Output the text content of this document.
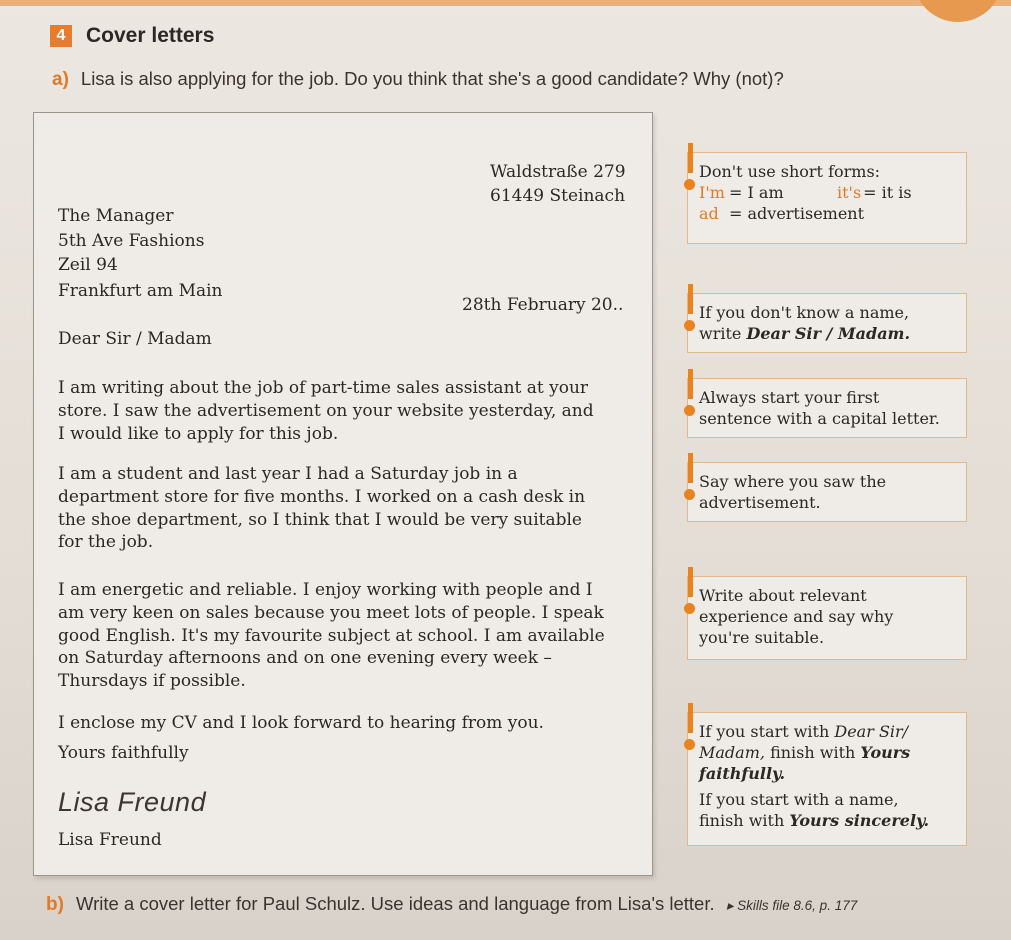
4 Cover letters
a) Lisa is also applying for the job. Do you think that she's a good candidate? Why (not)?
Waldstraße 279
61449 Steinach
The Manager
5th Ave Fashions
Zeil 94
Frankfurt am Main
28th February 20..
Dear Sir / Madam
I am writing about the job of part-time sales assistant at your
store. I saw the advertisement on your website yesterday, and
I would like to apply for this job.
I am a student and last year I had a Saturday job in a
department store for five months. I worked on a cash desk in
the shoe department, so I think that I would be very suitable
for the job.
I am energetic and reliable. I enjoy working with people and I
am very keen on sales because you meet lots of people. I speak
good English. It's my favourite subject at school. I am available
on Saturday afternoons and on one evening every week –
Thursdays if possible.
I enclose my CV and I look forward to hearing from you.
Yours faithfully
Lisa Freund
Lisa Freund
Don't use short forms:
I'm = I am	it's = it is
ad = advertisement
If you don't know a name,
write Dear Sir / Madam.
Always start your first
sentence with a capital letter.
Say where you saw the
advertisement.
Write about relevant
experience and say why
you're suitable.
If you start with Dear Sir/
Madam, finish with Yours
faithfully.
If you start with a name,
finish with Yours sincerely.
b) Write a cover letter for Paul Schulz. Use ideas and language from Lisa's letter. ▸ Skills file 8.6, p. 177
